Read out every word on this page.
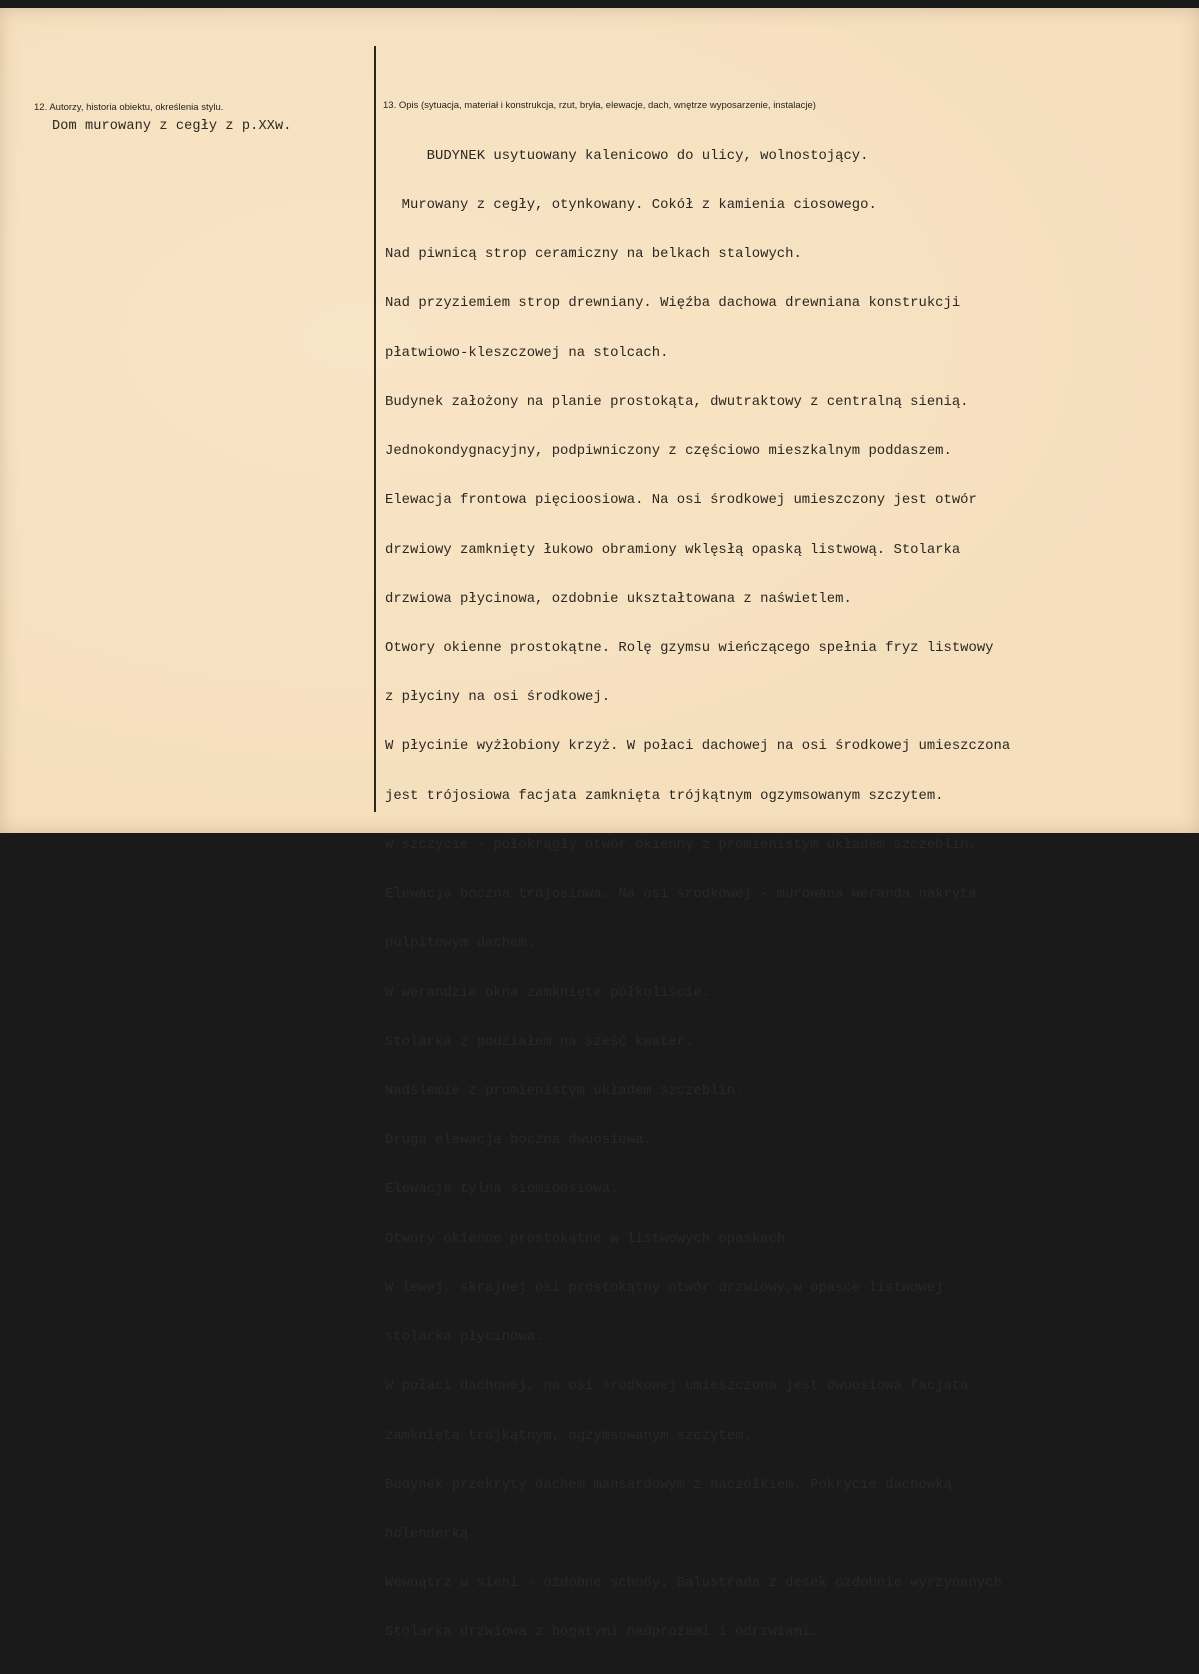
12. Autorzy, historia obiektu, określenia stylu.
Dom murowany z cegły z p.XXw.
13. Opis (sytuacja, materiał i konstrukcja, rzut, bryła, elewacje, dach, wnętrze wyposarzenie, instalacje)

BUDYNEK usytuowany kalenicowo do ulicy, wolnostojący.

Murowany z cegły, otynkowany. Cokół z kamienia ciosowego.

Nad piwnicą strop ceramiczny na belkach stalowych.

Nad przyziemiem strop drewniany. Więźba dachowa drewniana konstrukcji

płatwiowo-kleszczowej na stolcach.

Budynek założony na planie prostokąta, dwutraktowy z centralną sienią.

Jednokondygnacyjny, podpiwniczony z częściowo mieszkalnym poddaszem.

Elewacja frontowa pięcioosiowa. Na osi środkowej umieszczony jest otwór

drzwiowy zamknięty łukowo obramiony wklęsłą opaską listwową. Stolarka

drzwiowa płycinowa, ozdobnie ukształtowana z naświetlem.

Otwory okienne prostokątne. Rolę gzymsu wieńczącego spełnia fryz listwowy

z płyciny na osi środkowej.

W płycinie wyżłobiony krzyż. W połaci dachowej na osi środkowej umieszczona

jest trójosiowa facjata zamknięta trójkątnym ogzymsowanym szczytem.

W szczycie - półokrągły otwór okienny z promienistym układem szczeblin.

Elewacja boczna trójosiowa. Na osi środkowej - murowana weranda nakryta

pulpitowym dachem.

W werandzie okna zamknięte półkoliście.

Stolarka z podziałem na sześć kwater.

Nadślemie z promienistym układem szczeblin.

Druga elewacja boczna dwuosiowa.

Elewacja tylna siemioosiowa.

Otwory okienne prostokątne w listwowych opaskach

W lewej, skrajnej osi prostokątny otwór drzwiowy,w opasce listwowej

stolarka płycinowa.

W połaci dachowej, na osi środkowej umieszczona jest dwuosiowa facjata

zamknięta trójkątnym, ogzymsowanym szczytem.

Budynek przekryty dachem mansardowym z naczółkiem. Pokrycie dachówką

holenderką.

Wewnątrz w sieni - ozdobne schody. Balustrada z desek ozdobnie wyrzynanych

Stolarka drzwiowa z bogatymi nadprożami i odrzwiami.
